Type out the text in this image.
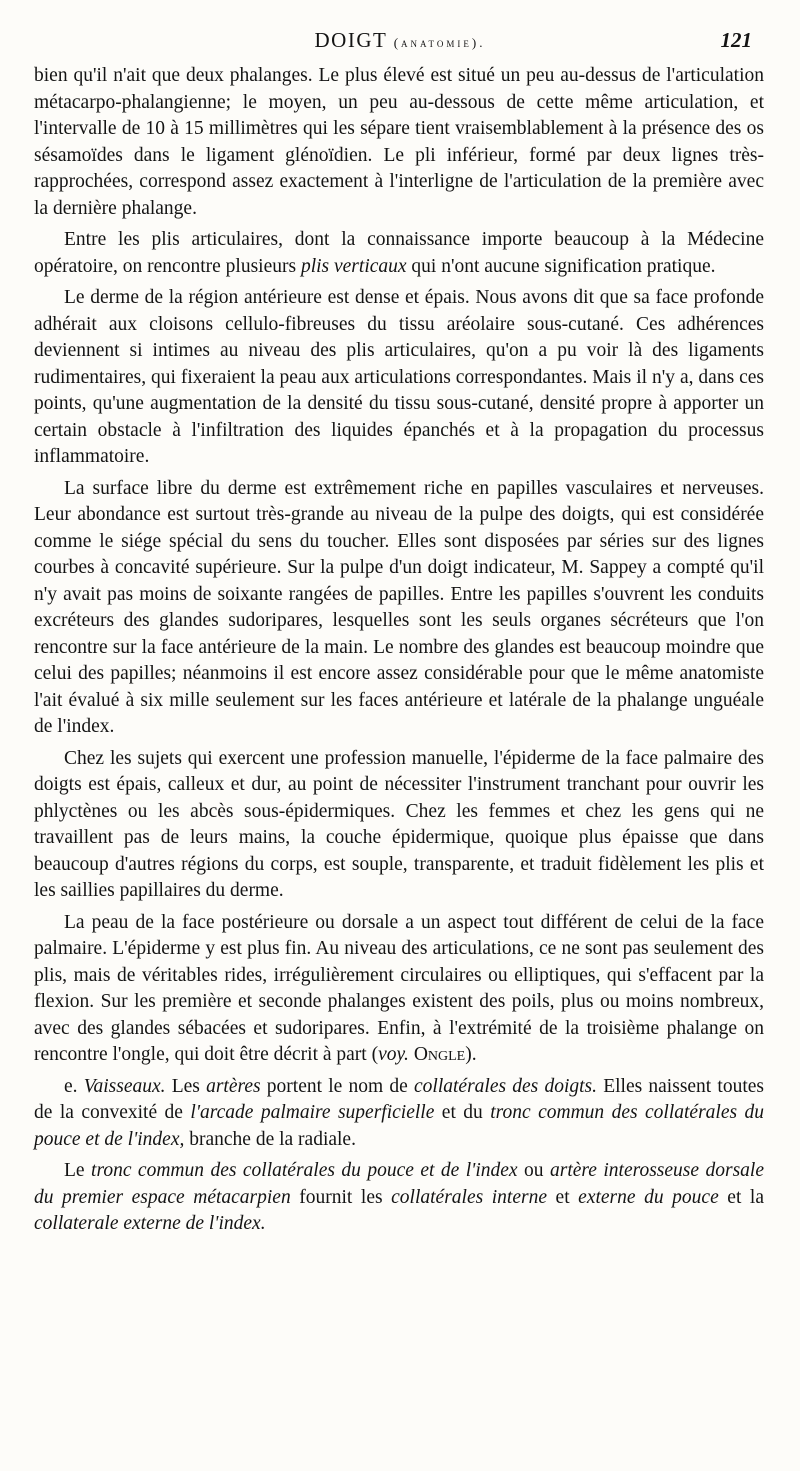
DOIGT (anatomie).	121

bien qu'il n'ait que deux phalanges. Le plus élevé est situé un peu au-dessus de l'articulation métacarpo-phalangienne; le moyen, un peu au-dessous de cette même articulation, et l'intervalle de 10 à 15 millimètres qui les sépare tient vraisemblablement à la présence des os sésamoïdes dans le ligament glénoïdien. Le pli inférieur, formé par deux lignes très-rapprochées, correspond assez exactement à l'interligne de l'articulation de la première avec la dernière phalange.

Entre les plis articulaires, dont la connaissance importe beaucoup à la Médecine opératoire, on rencontre plusieurs plis verticaux qui n'ont aucune signification pratique.

Le derme de la région antérieure est dense et épais. Nous avons dit que sa face profonde adhérait aux cloisons cellulo-fibreuses du tissu aréolaire sous-cutané. Ces adhérences deviennent si intimes au niveau des plis articulaires, qu'on a pu voir là des ligaments rudimentaires, qui fixeraient la peau aux articulations correspondantes. Mais il n'y a, dans ces points, qu'une augmentation de la densité du tissu sous-cutané, densité propre à apporter un certain obstacle à l'infiltration des liquides épanchés et à la propagation du processus inflammatoire.

La surface libre du derme est extrêmement riche en papilles vasculaires et nerveuses. Leur abondance est surtout très-grande au niveau de la pulpe des doigts, qui est considérée comme le siége spécial du sens du toucher. Elles sont disposées par séries sur des lignes courbes à concavité supérieure. Sur la pulpe d'un doigt indicateur, M. Sappey a compté qu'il n'y avait pas moins de soixante rangées de papilles. Entre les papilles s'ouvrent les conduits excréteurs des glandes sudoripares, lesquelles sont les seuls organes sécréteurs que l'on rencontre sur la face antérieure de la main. Le nombre des glandes est beaucoup moindre que celui des papilles; néanmoins il est encore assez considérable pour que le même anatomiste l'ait évalué à six mille seulement sur les faces antérieure et latérale de la phalange unguéale de l'index.

Chez les sujets qui exercent une profession manuelle, l'épiderme de la face palmaire des doigts est épais, calleux et dur, au point de nécessiter l'instrument tranchant pour ouvrir les phlyctènes ou les abcès sous-épidermiques. Chez les femmes et chez les gens qui ne travaillent pas de leurs mains, la couche épidermique, quoique plus épaisse que dans beaucoup d'autres régions du corps, est souple, transparente, et traduit fidèlement les plis et les saillies papillaires du derme.

La peau de la face postérieure ou dorsale a un aspect tout différent de celui de la face palmaire. L'épiderme y est plus fin. Au niveau des articulations, ce ne sont pas seulement des plis, mais de véritables rides, irrégulièrement circulaires ou elliptiques, qui s'effacent par la flexion. Sur les première et seconde phalanges existent des poils, plus ou moins nombreux, avec des glandes sébacées et sudoripares. Enfin, à l'extrémité de la troisième phalange on rencontre l'ongle, qui doit être décrit à part (voy. Ongle).

e. Vaisseaux. Les artères portent le nom de collatérales des doigts. Elles naissent toutes de la convexité de l'arcade palmaire superficielle et du tronc commun des collatérales du pouce et de l'index, branche de la radiale.

Le tronc commun des collatérales du pouce et de l'index ou artère interosseuse dorsale du premier espace métacarpien fournit les collatérales interne et externe du pouce et la collaterale externe de l'index.
